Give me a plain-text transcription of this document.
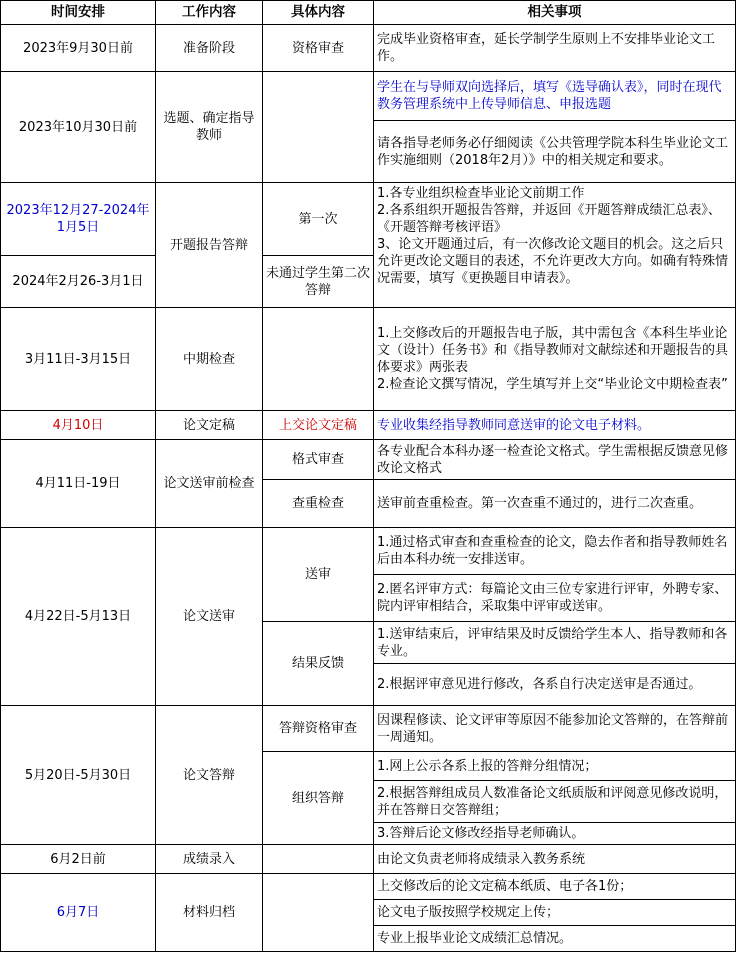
时间安排	工作内容	具体内容	相关事项
2023年9月30日前	准备阶段	资格审查	完成毕业资格审查，延长学制学生原则上不安排毕业论文工作。
2023年10月30日前	选题、确定指导教师		学生在与导师双向选择后，填写《选导确认表》，同时在现代教务管理系统中上传导师信息、申报选题
			请各指导老师务必仔细阅读《公共管理学院本科生毕业论文工作实施细则（2018年2月）》中的相关规定和要求。
2023年12月27-2024年1月5日	开题报告答辩	第一次	1.各专业组织检查毕业论文前期工作
2.各系组织开题报告答辩，并返回《开题答辩成绩汇总表》、《开题答辩考核评语》
3、论文开题通过后，有一次修改论文题目的机会。这之后只允许更改论文题目的表述，不允许更改大方向。如确有特殊情况需要，填写《更换题目申请表》。

2024年2月26-3月1日		未通过学生第二次答辩	
3月11日-3月15日	中期检查		1.上交修改后的开题报告电子版，其中需包含《本科生毕业论文（设计）任务书》和《指导教师对文献综述和开题报告的具体要求》两张表
2.检查论文撰写情况，学生填写并上交“毕业论文中期检查表”

4月10日	论文定稿	上交论文定稿	专业收集经指导教师同意送审的论文电子材料。
4月11日-19日	论文送审前检查	格式审查	各专业配合本科办逐一检查论文格式。学生需根据反馈意见修改论文格式
		查重检查	送审前查重检查。第一次查重不通过的，进行二次查重。
4月22日-5月13日	论文送审	送审	1.通过格式审查和查重检查的论文，隐去作者和指导教师姓名后由本科办统一安排送审。
			2.匿名评审方式：每篇论文由三位专家进行评审，外聘专家、院内评审相结合，采取集中评审或送审。
		结果反馈	1.送审结束后，评审结果及时反馈给学生本人、指导教师和各专业。
			2.根据评审意见进行修改，各系自行决定送审是否通过。
5月20日-5月30日	论文答辩	答辩资格审查	因课程修读、论文评审等原因不能参加论文答辩的，在答辩前一周通知。
		组织答辩	1.网上公示各系上报的答辩分组情况；
			2.根据答辩组成员人数准备论文纸质版和评阅意见修改说明，并在答辩日交答辩组；
			3.答辩后论文修改经指导老师确认。
6月2日前	成绩录入		由论文负责老师将成绩录入教务系统
6月7日	材料归档		上交修改后的论文定稿本纸质、电子各1份；
			论文电子版按照学校规定上传；
			专业上报毕业论文成绩汇总情况。
